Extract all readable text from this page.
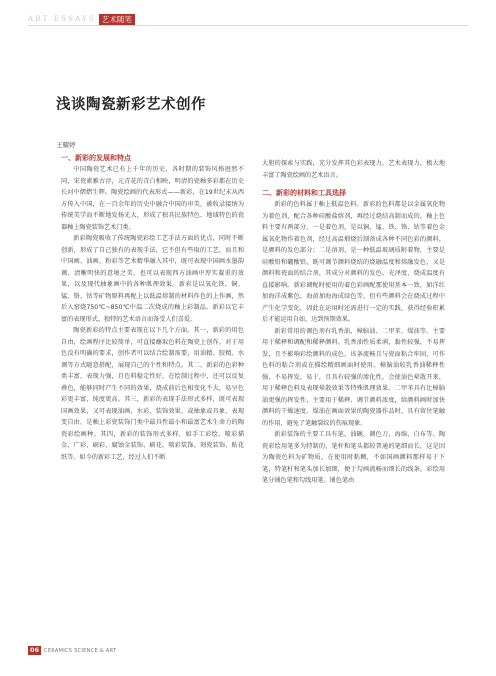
ART ESSAYS 艺术随笔
浅谈陶瓷新彩艺术创作
王耀婷

一、新彩的发展和特点

中国陶瓷艺术已有上千年的历史，各时期的装饰风格迥然不同，宋瓷素雅古淳，元青花的青白相映，明清的瓷釉多彩都在历史长河中熠熠生辉。陶瓷绘画的代表形式——新彩，在19世纪末从西方传入中国，在一百余年的历史中融合中国的审美，被收录接纳为传统美学而不断地发扬光大，形成了独具民族特色、地域特色的瓷器釉上陶瓷装饰艺术门类。

新彩陶瓷吸收了传统陶瓷彩绘工艺手法方面的优点，同时不断创新，形成了自己独有的表现手法，它不但有些取的工艺，而且和中国画、油画、粉彩等艺术精华融入其中，既可表现中国画水墨韵调、清晰明快的意境之美，也可以表现西方油画中厚实凝重的效果，以及现代抽象画中的各种肌理效果。新彩是以氧化铁、铜、锰、铬、钴等矿物原料再配上以低温熔制的材料作色的上作画，然后入窑烧750℃~850℃中温二次烧成的釉上彩制品。新彩以它丰富的表现形式、独特的艺术语言而备受人们喜爱。

陶瓷新彩的特点主要表现在以下几个方面。其一，新彩的用色自由，绘画程序比较简单，可直接蘸取色料在陶瓷上创作，对于用色没有明确的要求，创作者可以结合绘制需要，用油精、胶精、水调等方式随意搭配，展现自己的个性和特点。其二，新彩的色彩种类丰富，表现力强，且色料稳定性好，在绘制过程中，还可以反复叠色，能够同时产生不同的效果，烧成前后色相变化不大，易呈色彩更丰富，纯度更高。其三，新彩的表现手法形式多样，既可表现国画效果，又可表现油画、水彩、装饰效果，或抽象或具象，表现变自由，是釉上彩瓷装饰门类中最具性最小和最富艺术生命力的陶瓷彩绘画种。其四，新彩的装饰形式多样，如手工彩绘、喷彩描金、广彩、刷彩、腐蚀金装饰、刷花、喷彩装饰、刻瓷装饰、贴花纸等。如今的新彩工艺，经过人们不断

大胆的探索与实践，充分发挥其色彩表现力，艺术表现力，极大地丰富了陶瓷绘画的艺术语言。

二、新彩的材料和工具选择

新彩的色料属于釉上低温色料。新彩的色料都是以金属氧化物为着色剂，配合各种硅酸盐熔剂，再经过烧结高制而成的，釉上色料主要有两部分，一是着色剂，是以铜、锰、铁、铬、钴等着色金属氧化物作着色剂，经过高温煅烧后制备成各种不同色彩的颜料，是颜料的发色部分；二是溶剂，是一种低温玻璃质附着物，主要是硅酸铅和硼酸铅，既可调节颜料烧结的烧融温度和熔融发色，又是颜料和瓷面的结合剂，其成分对颜料的发色、光泽度、烧成温度有直接影响。新彩调配时使用的着色彩画配那使用基本一致，如洋红加海洋成紫色，海黄加海海成绿色等，但有些颜料会在烧成过程中产生化学变化，因此在运用时还需进行一定的实践，获得经验积累后才能运用自如，达到预期效果。

新彩常用的调色剂有乳香油、樟脑油、二甲苯、煤油等。主要用于稀释和调配和稀释颜料。乳香油性质柔润，黏性较强，不易挥发，且不影响彩绘颜料的成色，该条流畅且与瓷面粘合牢固，可作色料的粘合剂或在描绘精细画面时使用。樟脑油较乳香油稀释性强，不易挥发，易于，且具有较强的渗化性，会使油色晕散开来，用于稀释色料及表现晕散效果等特殊肌理效果。二甲苯具有比樟脑油更强的挥发性，主要用于稀释、调节颜料浓度，给颜料画时加快颜料的干燥速度。煤油在画面效果的陶瓷器作品时，具有留住笔触的作用，避免了笔触裂纹的伤痕现象。

新彩装饰的主要工具有笔、油碗、调色刀、海绵、白布等。陶瓷彩绘用笔多为特制的，笔杆和笔头都较普通的笔细而长，这是因为陶瓷色料为矿物质，在使用时粘稠，不如国画颜料那样易于下笔，特笔杆和笔头加长加细，便于勾画流畅而细长的线条。彩绘用笔分铺色笔和勾线用笔。铺色笔由

06	CERAMICS SCIENCE & ART
